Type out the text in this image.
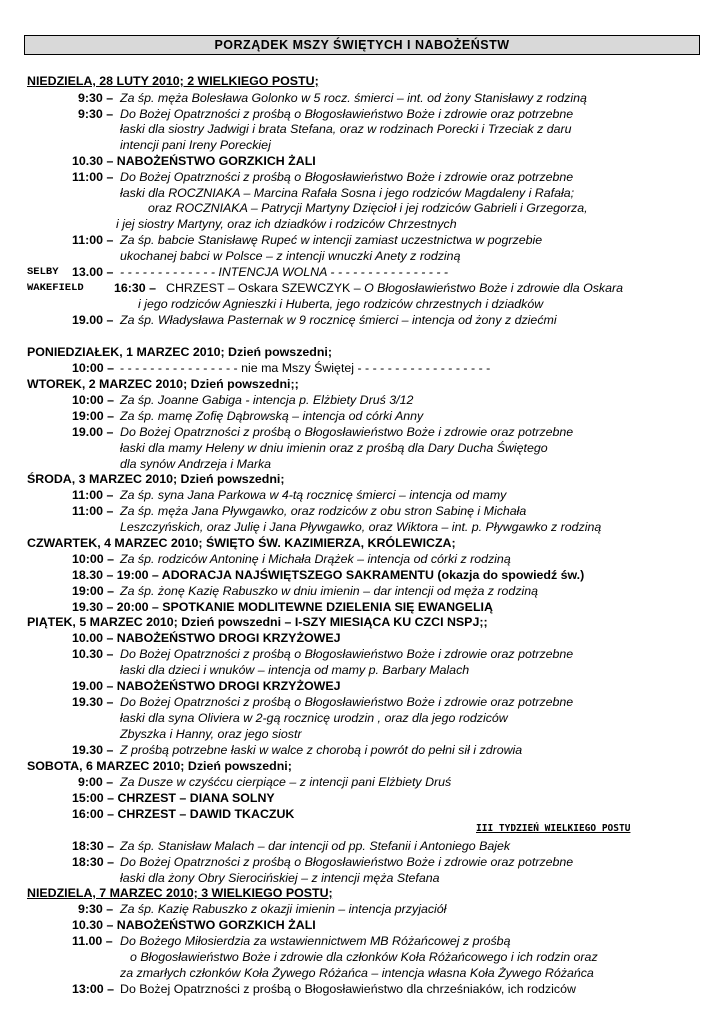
PORZĄDEK MSZY ŚWIĘTYCH I NABOŻEŃSTW
NIEDZIELA, 28 LUTY 2010; 2 WIELKIEGO POSTU;
9:30 – Za śp. męża Bolesława Golonko w 5 rocz. śmierci – int. od żony Stanisławy z rodziną
9:30 – Do Bożej Opatrzności z prośbą o Błogosławieństwo Boże i zdrowie oraz potrzebne
łaski dla siostry Jadwigi i brata Stefana, oraz w rodzinach Porecki i Trzeciak z daru
intencji pani Ireny Poreckiej
10.30 – NABOŻEŃSTWO GORZKICH ŻALI
11:00 – Do Bożej Opatrzności z prośbą o Błogosławieństwo Boże i zdrowie oraz potrzebne
łaski dla ROCZNIAKA – Marcina Rafała Sosna i jego rodziców Magdaleny i Rafała;
oraz ROCZNIAKA – Patrycji Martyny Dzięcioł i jej rodziców Gabrieli i Grzegorza,
i jej siostry Martyny, oraz ich dziadków i rodziców Chrzestnych
11:00 – Za śp. babcie Stanisławę Rupeć w intencji zamiast uczestnictwa w pogrzebie
ukochanej babci w Polsce – z intencji wnuczki Anety z rodziną
SELBY 13.00 – - - - - - - - - - - - - - INTENCJA WOLNA - - - - - - - - - - - - - - - -
WAKEFIELD 16:30 – CHRZEST – Oskara SZEWCZYK – O Błogosławieństwo Boże i zdrowie dla Oskara
i jego rodziców Agnieszki i Huberta, jego rodziców chrzestnych i dziadków
19.00 – Za śp. Władysława Pasternak w 9 rocznicę śmierci – intencja od żony z dziećmi
PONIEDZIAŁEK, 1 MARZEC 2010; Dzień powszedni;
10:00 – - - - - - - - - - - - - - - - - nie ma Mszy Świętej - - - - - - - - - - - - - - - - - -
WTOREK, 2 MARZEC 2010; Dzień powszedni;;
10:00 – Za śp. Joanne Gabiga - intencja p. Elżbiety Druś 3/12
19:00 – Za śp. mamę Zofię Dąbrowską – intencja od córki Anny
19.00 – Do Bożej Opatrzności z prośbą o Błogosławieństwo Boże i zdrowie oraz potrzebne
łaski dla mamy Heleny w dniu imienin oraz z prośbą dla Dary Ducha Świętego
dla synów Andrzeja i Marka
ŚRODA, 3 MARZEC 2010; Dzień powszedni;
11:00 – Za śp. syna Jana Parkowa w 4-tą rocznicę śmierci – intencja od mamy
11:00 – Za śp. męża Jana Pływgawko, oraz rodziców z obu stron Sabinę i Michała
Leszczyńskich, oraz Julię i Jana Pływgawko, oraz Wiktora – int. p. Pływgawko z rodziną
CZWARTEK, 4 MARZEC 2010; ŚWIĘTO ŚW. KAZIMIERZA, KRÓLEWICZA;
10:00 – Za śp. rodziców Antoninę i Michała Drążek – intencja od córki z rodziną
18.30 – 19:00 – ADORACJA NAJŚWIĘTSZEGO SAKRAMENTU (okazja do spowiedź św.)
19:00 – Za śp. żonę Kazię Rabuszko w dniu imienin – dar intencji od męża z rodziną
19.30 – 20:00 – SPOTKANIE MODLITEWNE DZIELENIA SIĘ EWANGELIĄ
PIĄTEK, 5 MARZEC 2010; Dzień powszedni – I-SZY MIESIĄCA KU CZCI NSPJ;;
10.00 – NABOŻEŃSTWO DROGI KRZYŻOWEJ
10.30 – Do Bożej Opatrzności z prośbą o Błogosławieństwo Boże i zdrowie oraz potrzebne
łaski dla dzieci i wnuków – intencja od mamy p. Barbary Malach
19.00 – NABOŻEŃSTWO DROGI KRZYŻOWEJ
19.30 – Do Bożej Opatrzności z prośbą o Błogosławieństwo Boże i zdrowie oraz potrzebne
łaski dla syna Oliviera w 2-gą rocznicę urodzin , oraz dla jego rodziców
Zbyszka i Hanny, oraz jego siostr
19.30 – Z prośbą potrzebne łaski w walce z chorobą i powrót do pełni sił i zdrowia
SOBOTA, 6 MARZEC 2010; Dzień powszedni;
9:00 – Za Dusze w czyśćcu cierpiące – z intencji pani Elżbiety Druś
15:00 – CHRZEST – DIANA SOLNY
16:00 – CHRZEST – DAWID TKACZUK
III TYDZIEŃ WIELKIEGO POSTU
18:30 – Za śp. Stanisław Malach – dar intencji od pp. Stefanii i Antoniego Bajek
18:30 – Do Bożej Opatrzności z prośbą o Błogosławieństwo Boże i zdrowie oraz potrzebne
łaski dla żony Obry Sierocińskiej – z intencji męża Stefana
NIEDZIELA, 7 MARZEC 2010; 3 WIELKIEGO POSTU;
9:30 – Za śp. Kazię Rabuszko z okazji imienin – intencja przyjaciół
10.30 – NABOŻEŃSTWO GORZKICH ŻALI
11.00 – Do Bożego Miłosierdzia za wstawiennictwem MB Różańcowej z prośbą
o Błogosławieństwo Boże i zdrowie dla członków Koła Różańcowego i ich rodzin oraz
za zmarłych członków Koła Żywego Różańca – intencja własna Koła Żywego Różańca
13:00 – Do Bożej Opatrzności z prośbą o Błogosławieństwo dla chrześniaków, ich rodziców
